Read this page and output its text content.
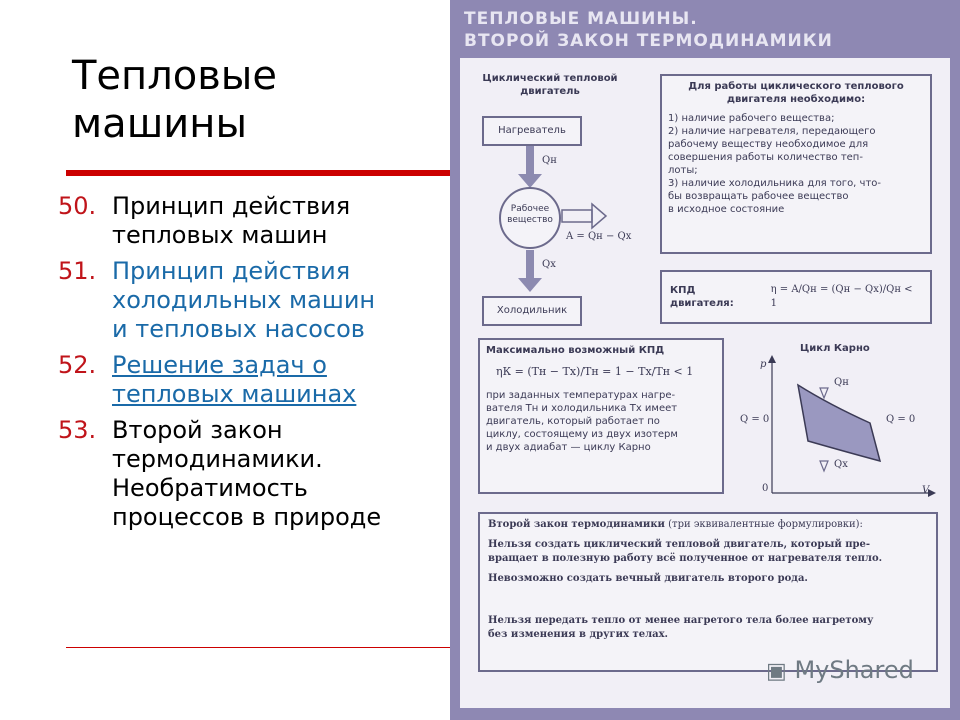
Тепловые
машины
50. Принцип действия
тепловых машин
51. Принцип действия
холодильных машин
и тепловых насосов
52. Решение задач о
тепловых машинах
53. Второй закон
термодинамики.
Необратимость
процессов в природе
ТЕПЛОВЫЕ МАШИНЫ.
ВТОРОЙ ЗАКОН ТЕРМОДИНАМИКИ
Циклический тепловой
двигатель
Нагреватель
Рабочее
вещество
Qн
A = Qн − Qх
Qх
Холодильник
Для работы циклического теплового
двигателя необходимо:
1) наличие рабочего вещества;
2) наличие нагревателя, передающего
рабочему веществу необходимое для
совершения работы количество теп-
лоты;
3) наличие холодильника для того, что-
бы возвращать рабочее вещество
в исходное состояние
КПД двигателя:
η = A/Qн = (Qн − Qх)/Qн < 1
Максимально возможный КПД
ηК = (Тн − Тх)/Тн = 1 − Тх/Тн < 1
при заданных температурах нагре-
вателя Тн и холодильника Тх имеет
двигатель, который работает по
циклу, состоящему из двух изотерм
и двух адиабат — циклу Карно
Цикл Карно
p
V
0
Q = 0	Q = 0
Qн
Qх
Второй закон термодинамики (три эквивалентные формулировки):
Нельзя создать циклический тепловой двигатель, который пре-
вращает в полезную работу всё полученное от нагревателя тепло.
Невозможно создать вечный двигатель второго рода.
Нельзя передать тепло от менее нагретого тела более нагретому
без изменения в других телах.
▣ MyShared
